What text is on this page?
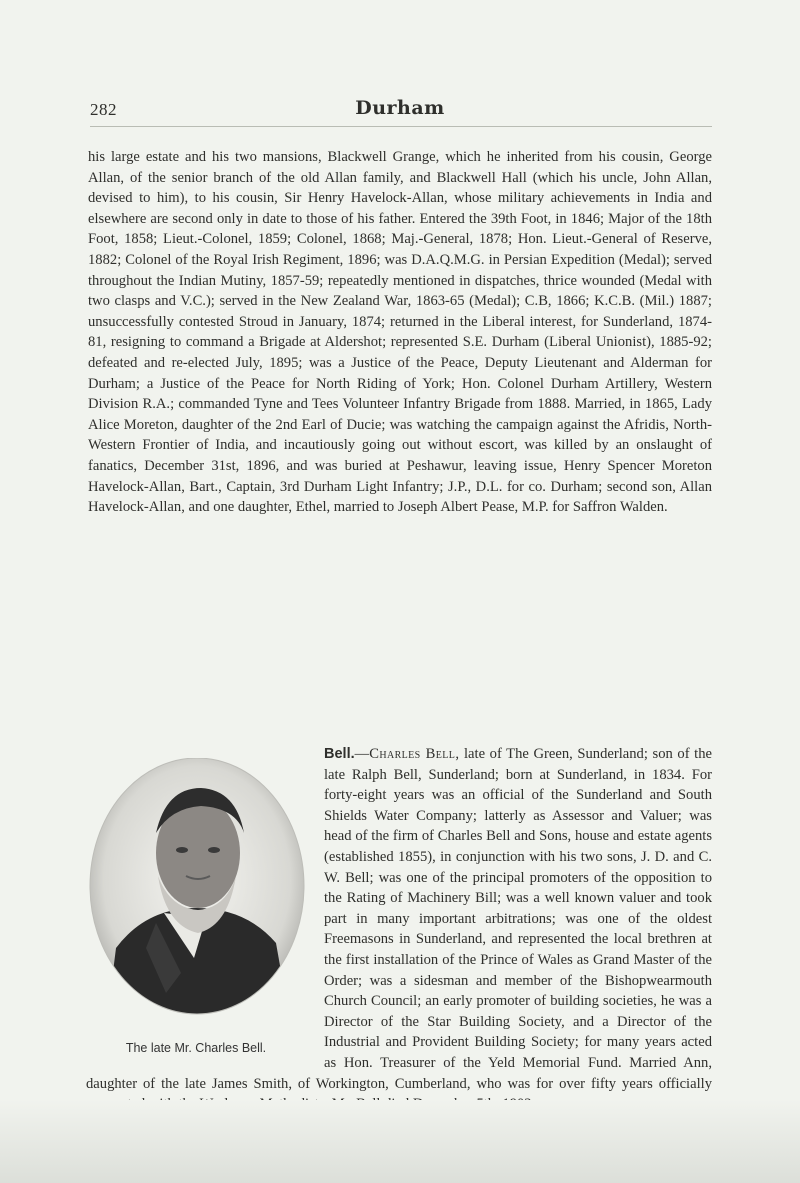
282	Durham

his large estate and his two mansions, Blackwell Grange, which he inherited from his cousin, George Allan, of the senior branch of the old Allan family, and Blackwell Hall (which his uncle, John Allan, devised to him), to his cousin, Sir Henry Havelock-Allan, whose military achievements in India and elsewhere are second only in date to those of his father. Entered the 39th Foot, in 1846; Major of the 18th Foot, 1858; Lieut.-Colonel, 1859; Colonel, 1868; Maj.-General, 1878; Hon. Lieut.-General of Reserve, 1882; Colonel of the Royal Irish Regiment, 1896; was D.A.Q.M.G. in Persian Expedition (Medal); served throughout the Indian Mutiny, 1857-59; repeatedly mentioned in dispatches, thrice wounded (Medal with two clasps and V.C.); served in the New Zealand War, 1863-65 (Medal); C.B, 1866; K.C.B. (Mil.) 1887; unsuccessfully contested Stroud in January, 1874; returned in the Liberal interest, for Sunderland, 1874-81, resigning to command a Brigade at Aldershot; represented S.E. Durham (Liberal Unionist), 1885-92; defeated and re-elected July, 1895; was a Justice of the Peace, Deputy Lieutenant and Alderman for Durham; a Justice of the Peace for North Riding of York; Hon. Colonel Durham Artillery, Western Division R.A.; commanded Tyne and Tees Volunteer Infantry Brigade from 1888. Married, in 1865, Lady Alice Moreton, daughter of the 2nd Earl of Ducie; was watching the campaign against the Afridis, North-Western Frontier of India, and incautiously going out without escort, was killed by an onslaught of fanatics, December 31st, 1896, and was buried at Peshawur, leaving issue, Henry Spencer Moreton Havelock-Allan, Bart., Captain, 3rd Durham Light Infantry; J.P., D.L. for co. Durham; second son, Allan Havelock-Allan, and one daughter, Ethel, married to Joseph Albert Pease, M.P. for Saffron Walden.

The late Mr. Charles Bell.
Bell.—Charles Bell, late of The Green, Sunderland; son of the late Ralph Bell, Sunderland; born at Sunderland, in 1834. For forty-eight years was an official of the Sunderland and South Shields Water Company; latterly as Assessor and Valuer; was head of the firm of Charles Bell and Sons, house and estate agents (established 1855), in conjunction with his two sons, J. D. and C. W. Bell; was one of the principal promoters of the opposition to the Rating of Machinery Bill; was a well known valuer and took part in many important arbitrations; was one of the oldest Freemasons in Sunderland, and represented the local brethren at the first installation of the Prince of Wales as Grand Master of the Order; was a sidesman and member of the Bishopwearmouth Church Council; an early promoter of building societies, he was a Director of the Star Building Society, and a Director of the Industrial and Provident Building Society; for many years acted as Hon. Treasurer of the Yeld Memorial Fund. Married Ann, daughter of the late James Smith, of Workington, Cumberland, who was for over fifty years officially
